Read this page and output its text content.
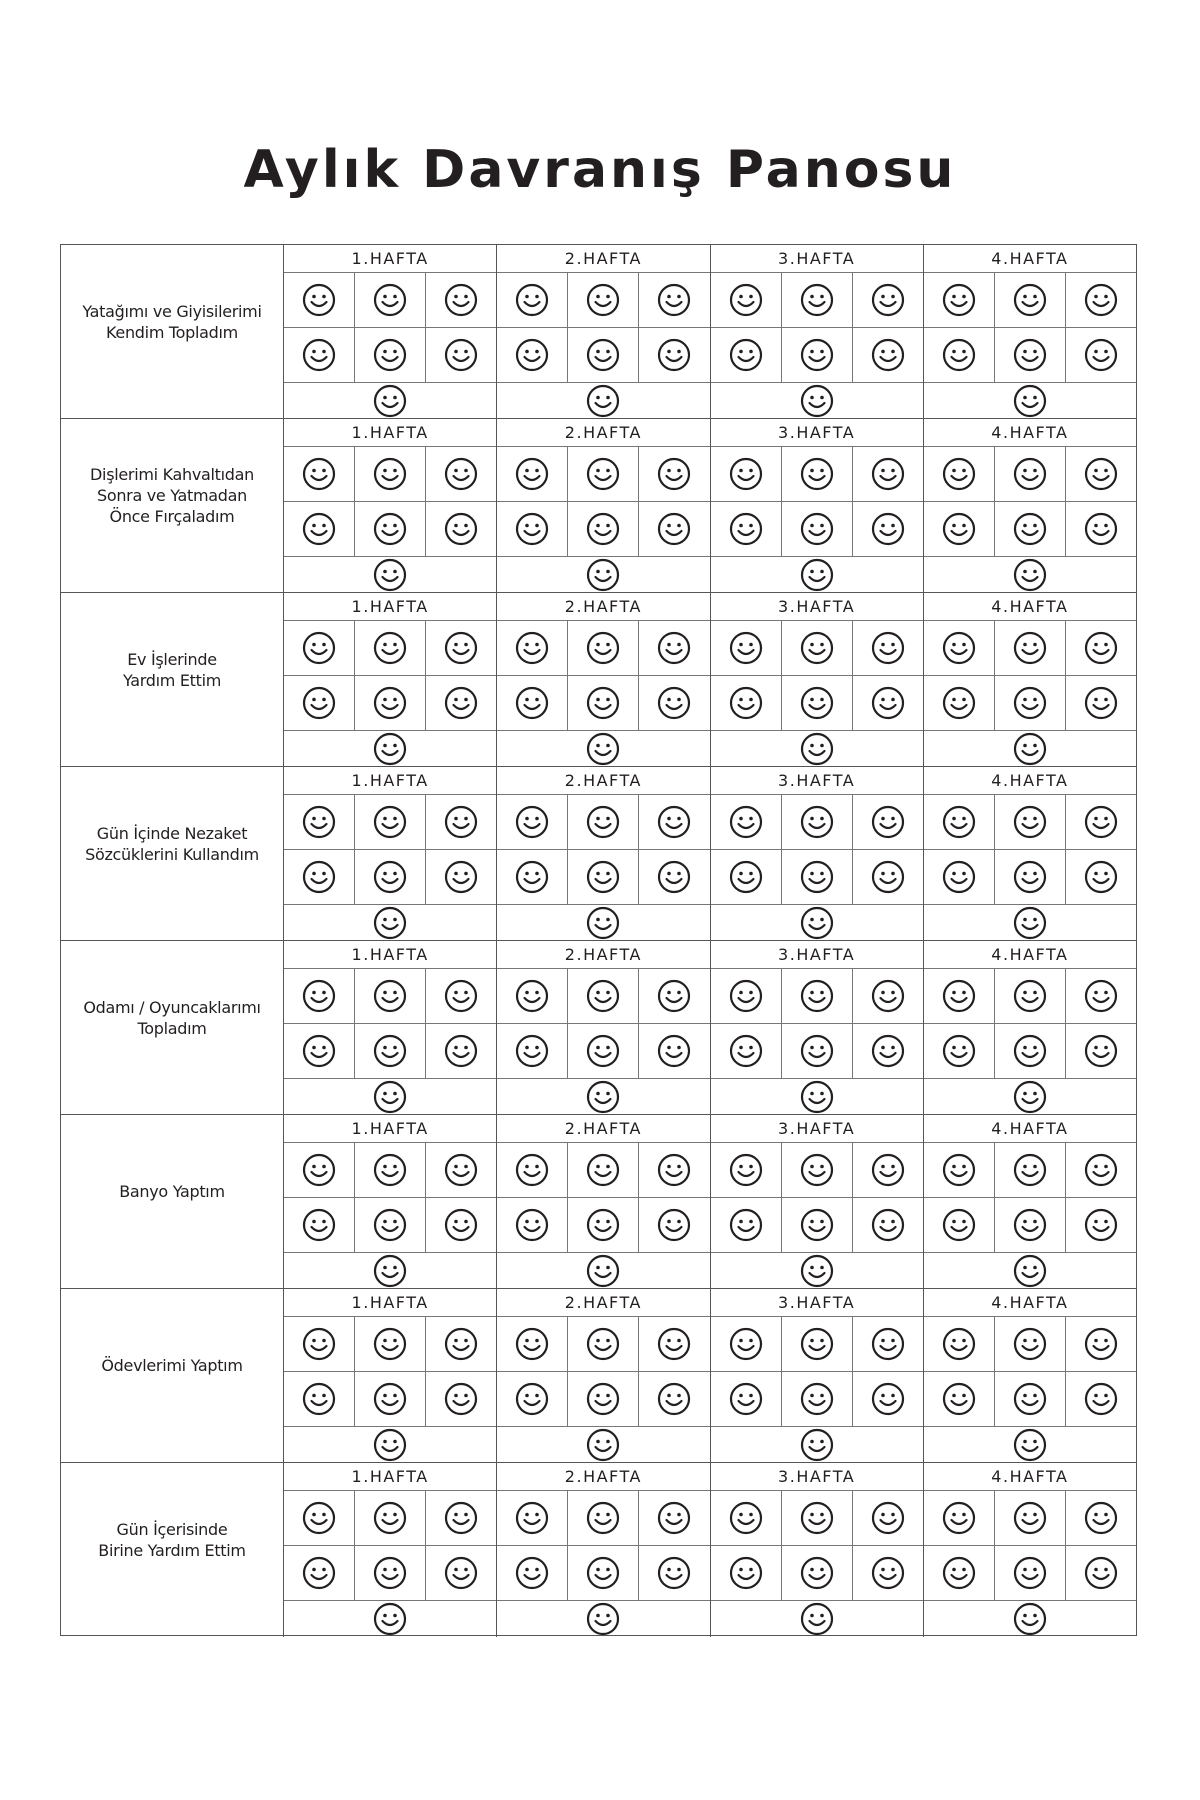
Aylık Davranış Panosu
Yatağımı ve Giyisilerimi
Kendim Topladım
1.HAFTA	2.HAFTA	3.HAFTA	4.HAFTA
Dişlerimi Kahvaltıdan
Sonra ve Yatmadan
Önce Fırçaladım
1.HAFTA	2.HAFTA	3.HAFTA	4.HAFTA
Ev İşlerinde
Yardım Ettim
1.HAFTA	2.HAFTA	3.HAFTA	4.HAFTA
Gün İçinde Nezaket
Sözcüklerini Kullandım
1.HAFTA	2.HAFTA	3.HAFTA	4.HAFTA
Odamı / Oyuncaklarımı
Topladım
1.HAFTA	2.HAFTA	3.HAFTA	4.HAFTA
Banyo Yaptım
1.HAFTA	2.HAFTA	3.HAFTA	4.HAFTA
Ödevlerimi Yaptım
1.HAFTA	2.HAFTA	3.HAFTA	4.HAFTA
Gün İçerisinde
Birine Yardım Ettim
1.HAFTA	2.HAFTA	3.HAFTA	4.HAFTA
